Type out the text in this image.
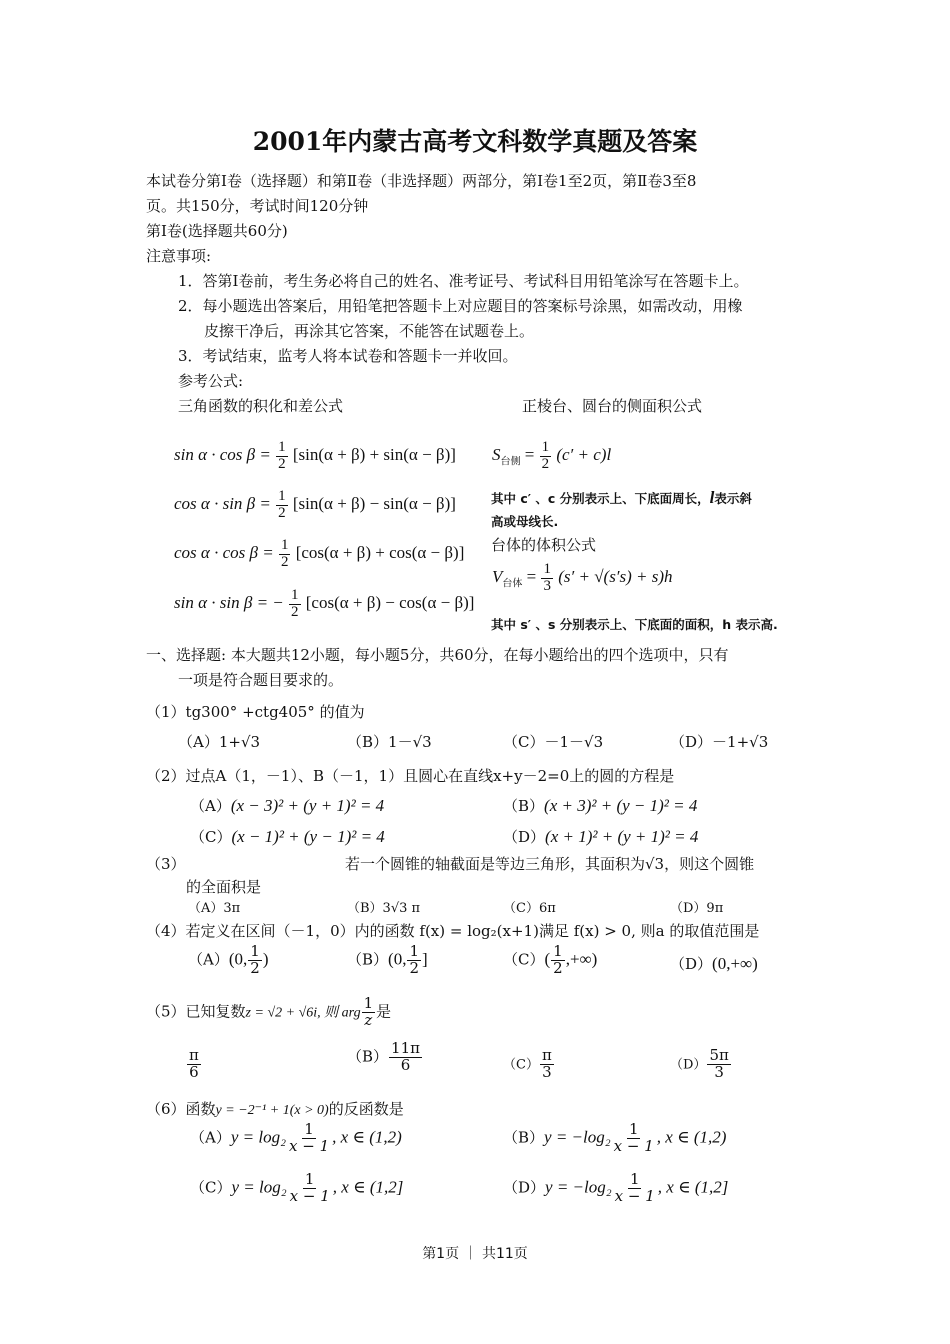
2001年内蒙古高考文科数学真题及答案
本试卷分第Ⅰ卷（选择题）和第Ⅱ卷（非选择题）两部分，第Ⅰ卷1至2页，第Ⅱ卷3至8
页。共150分，考试时间120分钟
第Ⅰ卷(选择题共60分)
注意事项:
1．答第Ⅰ卷前，考生务必将自己的姓名、准考证号、考试科目用铅笔涂写在答题卡上。
2．每小题选出答案后，用铅笔把答题卡上对应题目的答案标号涂黑，如需改动，用橡
皮擦干净后，再涂其它答案，不能答在试题卷上。
3．考试结束，监考人将本试卷和答题卡一并收回。
参考公式:
三角函数的积化和差公式	正棱台、圆台的侧面积公式
$\sin \alpha \cdot \cos \beta = \frac{1}{2} [\sin(\alpha + \beta) + \sin(\alpha - \beta)]$
$\cos \alpha \cdot \sin \beta = \frac{1}{2} [\sin(\alpha + \beta) - \sin(\alpha - \beta)]$
$\cos \alpha \cdot \cos \beta = \frac{1}{2} [\cos(\alpha + \beta) + \cos(\alpha - \beta)]$
sin α · sin β = − $\frac{1}{2} [\cos(\alpha + \beta) - \cos(\alpha - \beta)]$
$S_{台侧} = \frac{1}{2} (c' + c)l$
其中 c′ 、c 分别表示上、下底面周长，l表示斜
高或母线长.
台体的体积公式
$V_{台体} = \frac{1}{3} (s' + √(s's) + s)h$
其中 s′ 、s 分别表示上、下底面的面积，h 表示高.
一、选择题: 本大题共12小题，每小题5分，共60分，在每小题给出的四个选项中，只有
一项是符合题目要求的。
（1）tg300° +ctg405° 的值为
（A）1+√3	（B）1－√3	（C）－1－√3	（D）－1+√3
（2）过点A（1，－1）、B（－1，1）且圆心在直线x+y－2=0上的圆的方程是
（A）(x − 3)² + (y + 1)² = 4	（B）(x + 3)² + (y − 1)² = 4
（C）(x − 1)² + (y − 1)² = 4	（D）(x + 1)² + (y + 1)² = 4
（3）	若一个圆锥的轴截面是等边三角形，其面积为√3，则这个圆锥
的全面积是
（A）3π	（B）3√3 π	（C）6π	（D）9π
（4）若定义在区间（－1，0）内的函数 f(x) = log₂(x+1)满足 f(x) > 0, 则a 的取值范围是
（A）(0, $\frac{1}{2}$ )	（B）(0, $\frac{1}{2}$ ]	$(C)( \frac{1}{2}$ ,+∞)	（D）(0,+∞)
（5）已知复数z = √2 + √6i, 则 arg $\frac{1}{z}$ 是
$\frac{\pi}{6}$	$(B) \frac{11\pi}{6}$	$(C) \frac{\pi}{3}$	$(D) \frac{5\pi}{3}$
（6）函数y = −2⁻¹ + 1(x > 0)的反函数是
$(A)y = \log_2 \frac{1}{x - 1}$ , x ∈ (1,2)	$(B)y = -\log_2 \frac{1}{x - 1}$ , x ∈ (1,2)
$(C)y = \log_2 \frac{1}{x - 1}$ , x ∈ (1,2]	$(D)y = -\log_2 \frac{1}{x - 1}$ , x ∈ (1,2]
第1页 ｜ 共11页
